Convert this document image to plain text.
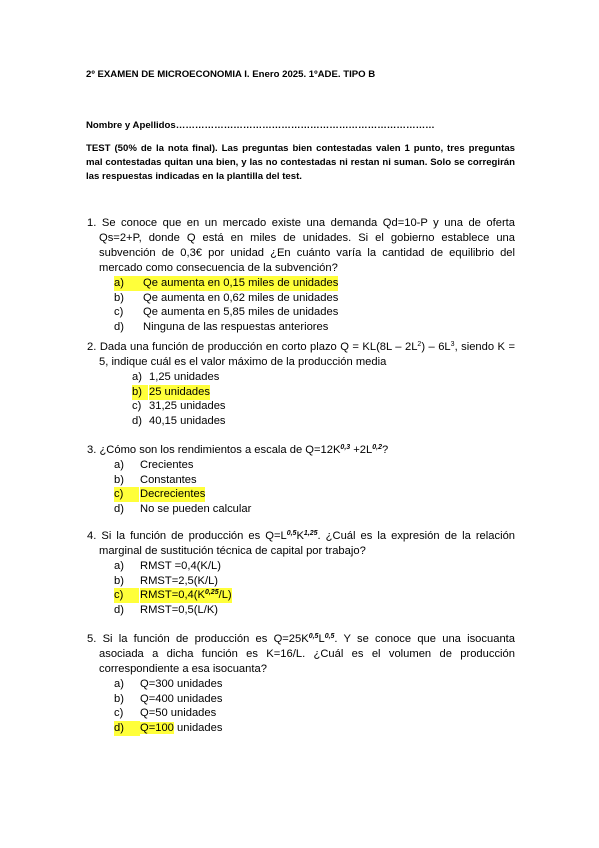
2º EXAMEN DE MICROECONOMIA I. Enero 2025. 1ºADE. TIPO B
Nombre y Apellidos………………………………………………………………………
TEST (50% de la nota final). Las preguntas bien contestadas valen 1 punto, tres preguntas mal contestadas quitan una bien, y las no contestadas ni restan ni suman. Solo se corregirán las respuestas indicadas en la plantilla del test.
1. Se conoce que en un mercado existe una demanda Qd=10-P y una de oferta Qs=2+P, donde Q está en miles de unidades. Si el gobierno establece una subvención de 0,3€ por unidad ¿En cuánto varía la cantidad de equilibrio del mercado como consecuencia de la subvención?
a)	Qe aumenta en 0,15 miles de unidades
b) Qe aumenta en 0,62 miles de unidades
c) Qe aumenta en 5,85 miles de unidades
d) Ninguna de las respuestas anteriores
2. Dada una función de producción en corto plazo $Q = KL(8L - 2L^2) - 6L^3$, siendo K = 5, indique cuál es el valor máximo de la producción media
a) 1,25 unidades
b) 25 unidades
c) 31,25 unidades
d) 40,15 unidades
3. ¿Cómo son los rendimientos a escala de $Q=12K^{0,3} +2L^{0,2}$?
a) Crecientes
b) Constantes
c)	Decrecientes
d) No se pueden calcular
4. Si la función de producción es $Q=L^{0,5}K^{1,25}$. ¿Cuál es la expresión de la relación marginal de sustitución técnica de capital por trabajo?
a) RMST =0,4(K/L)
b) RMST=2,5(K/L)
c)	$RMST=0,4(K^{0,25}/L)$
d) RMST=0,5(L/K)
5. Si la función de producción es $Q=25K^{0,5}L^{0,5}$. Y se conoce que una isocuanta asociada a dicha función es K=16/L. ¿Cuál es el volumen de producción correspondiente a esa isocuanta?
a) Q=300 unidades
b) Q=400 unidades
c) Q=50 unidades
d)	Q=100 unidades
